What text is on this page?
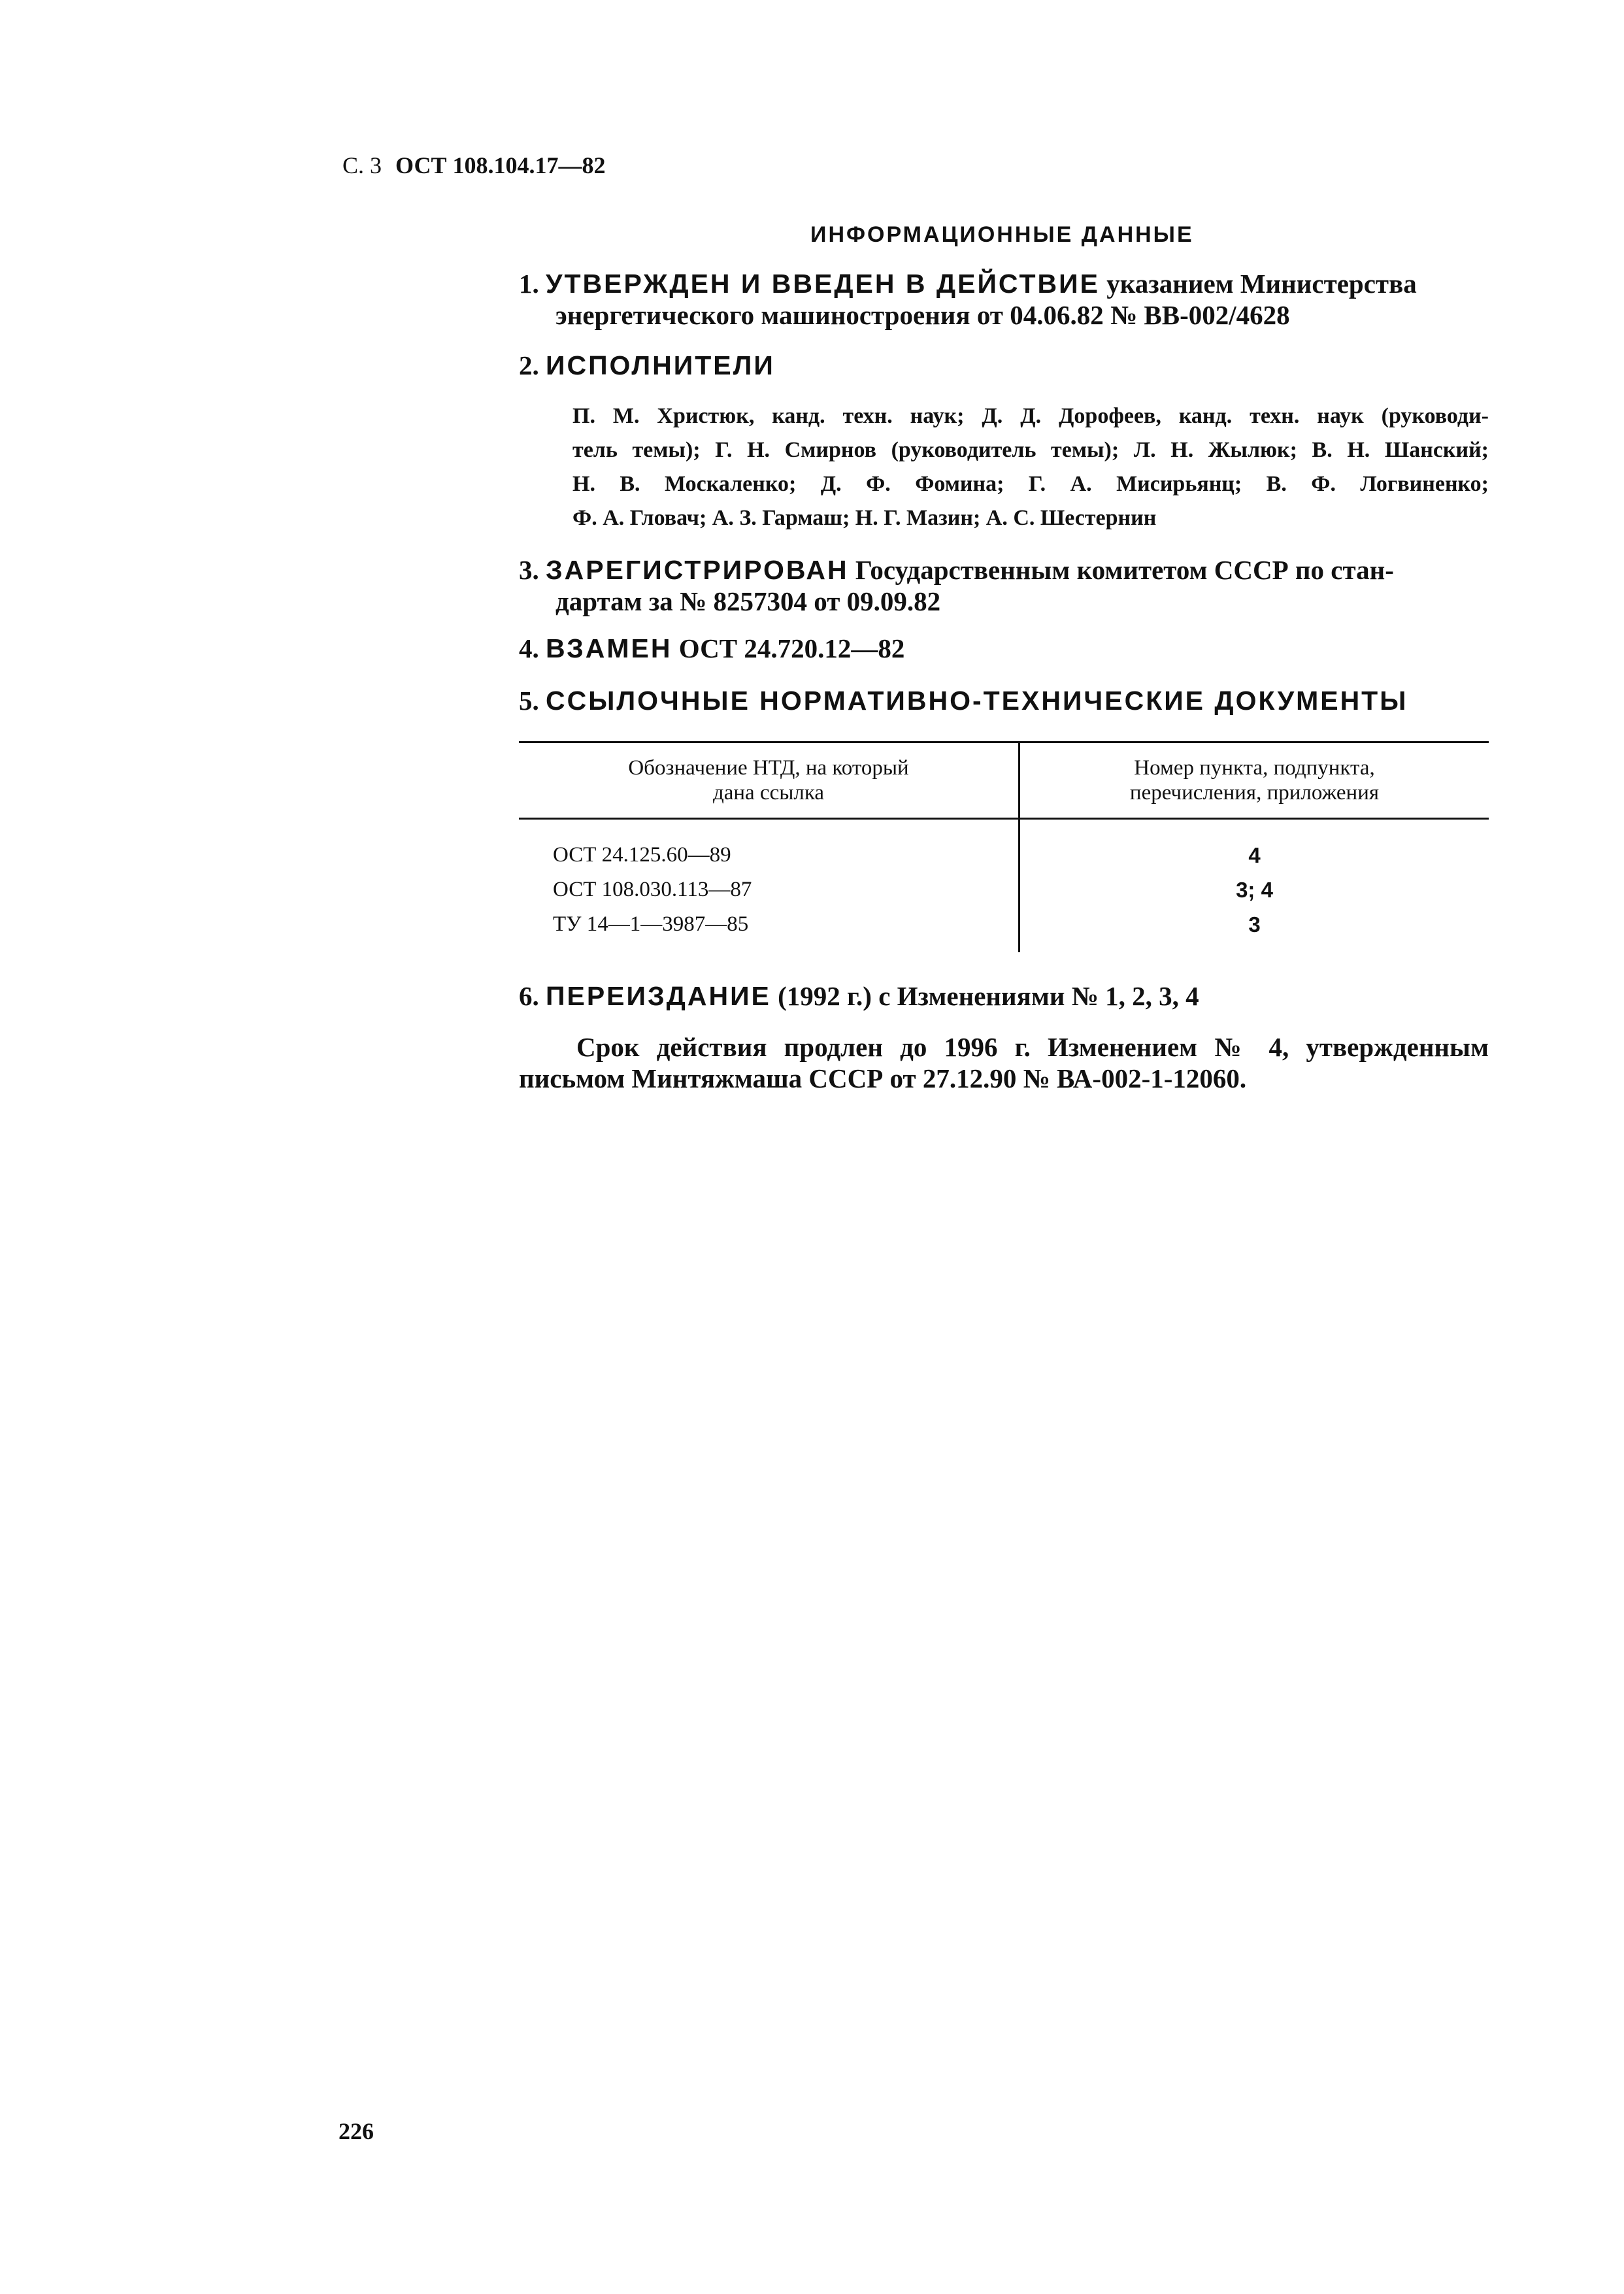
С. 3 ОСТ 108.104.17—82
ИНФОРМАЦИОННЫЕ ДАННЫЕ
1. УТВЕРЖДЕН И ВВЕДЕН В ДЕЙСТВИЕ указанием Министерства
энергетического машиностроения от 04.06.82 № ВВ-002/4628
2. ИСПОЛНИТЕЛИ
П. М. Христюк, канд. техн. наук; Д. Д. Дорофеев, канд. техн. наук (руководи-
тель темы); Г. Н. Смирнов (руководитель темы); Л. Н. Жылюк; В. Н. Шанский;
Н. В. Москаленко; Д. Ф. Фомина; Г. А. Мисирьянц; В. Ф. Логвиненко;
Ф. А. Гловач; А. З. Гармаш; Н. Г. Мазин; А. С. Шестернин
3. ЗАРЕГИСТРИРОВАН Государственным комитетом СССР по стан-
дартам за № 8257304 от 09.09.82
4. ВЗАМЕН ОСТ 24.720.12—82
5. ССЫЛОЧНЫЕ НОРМАТИВНО-ТЕХНИЧЕСКИЕ ДОКУМЕНТЫ
Обозначение НТД, на который
дана ссылка	Номер пункта, подпункта,
перечисления, приложения
ОСТ 24.125.60—89	4
ОСТ 108.030.113—87	3; 4
ТУ 14—1—3987—85	3
6. ПЕРЕИЗДАНИЕ (1992 г.) с Изменениями № 1, 2, 3, 4
Срок действия продлен до 1996 г. Изменением № 4, утвержденным
письмом Минтяжмаша СССР от 27.12.90 № ВА-002-1-12060.
226
